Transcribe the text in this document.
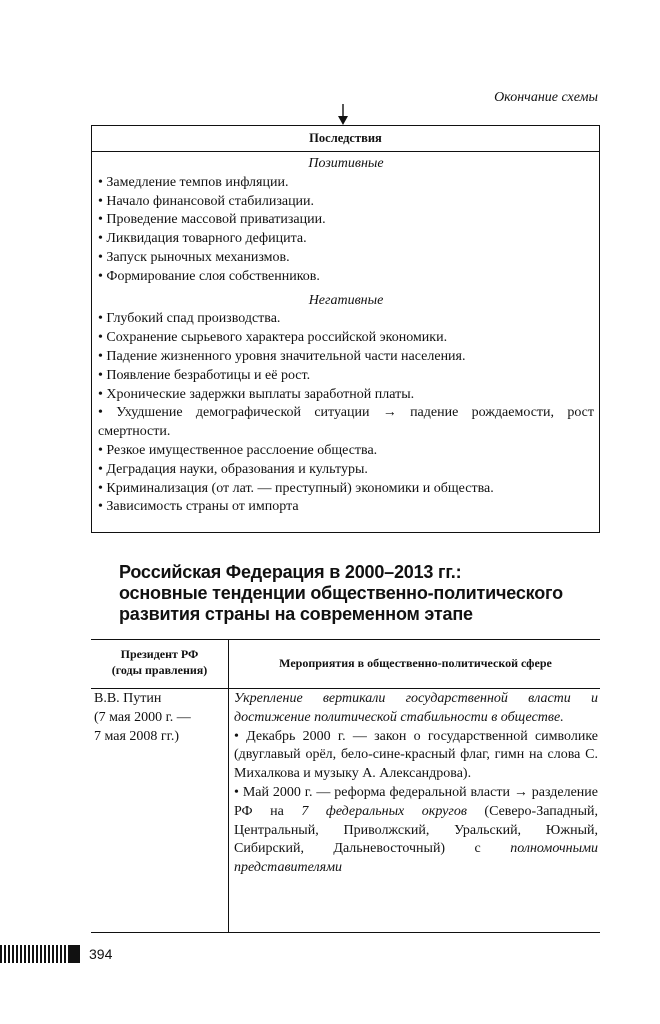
Окончание схемы
Последствия
Позитивные
• Замедление темпов инфляции.
• Начало финансовой стабилизации.
• Проведение массовой приватизации.
• Ликвидация товарного дефицита.
• Запуск рыночных механизмов.
• Формирование слоя собственников.
Негативные
• Глубокий спад производства.
• Сохранение сырьевого характера российской экономики.
• Падение жизненного уровня значительной части населения.
• Появление безработицы и её рост.
• Хронические задержки выплаты заработной платы.
• Ухудшение демографической ситуации → падение рождаемости, рост смертности.
• Резкое имущественное расслоение общества.
• Деградация науки, образования и культуры.
• Криминализация (от лат. — преступный) экономики и общества.
• Зависимость страны от импорта
Российская Федерация в 2000–2013 гг.:
основные тенденции общественно-политического
развития страны на современном этапе
Президент РФ
(годы правления)	Мероприятия в общественно-политической сфере
В.В. Путин
(7 мая 2000 г. —
7 мая 2008 гг.)
Укрепление вертикали государственной власти и достижение политической стабильности в обществе.
• Декабрь 2000 г. — закон о государственной символике (двуглавый орёл, бело-сине-красный флаг, гимн на слова С. Михалкова и музыку А. Александрова).
• Май 2000 г. — реформа федеральной власти → разделение РФ на 7 федеральных округов (Северо-Западный, Центральный, Приволжский, Уральский, Южный, Сибирский, Дальневосточный) с полномочными представителями
394
